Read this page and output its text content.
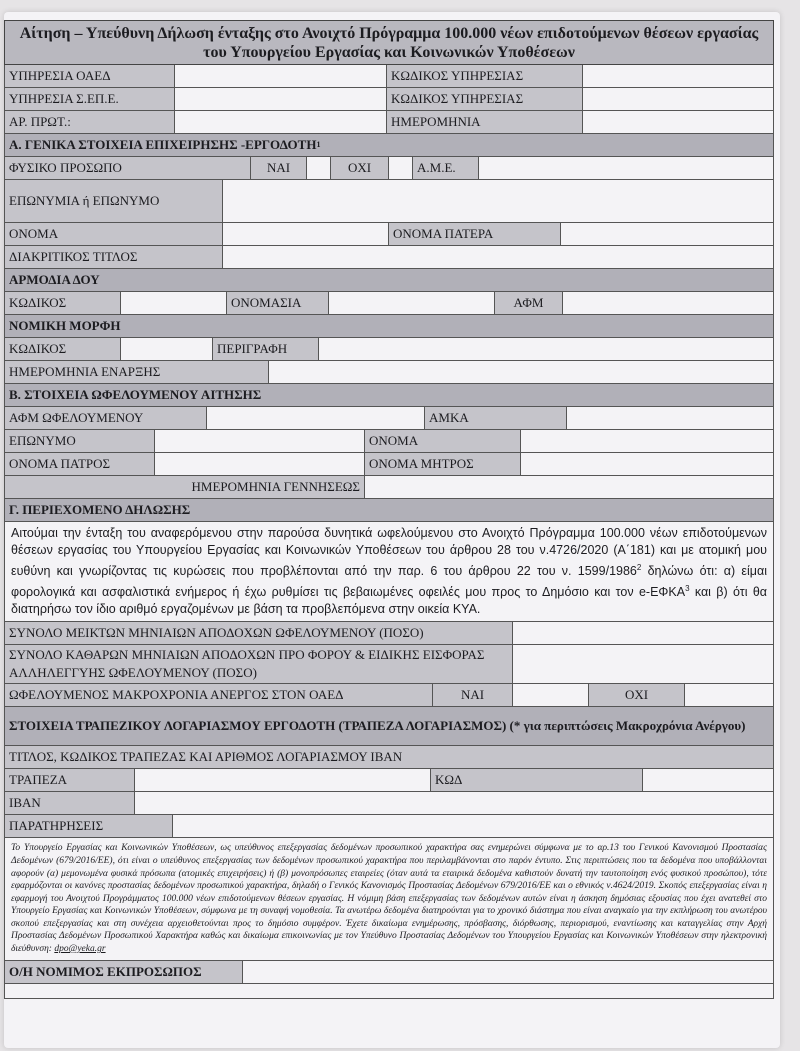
Αίτηση – Υπεύθυνη Δήλωση ένταξης στο Ανοιχτό Πρόγραμμα 100.000 νέων επιδοτούμενων θέσεων εργασίας του Υπουργείου Εργασίας και Κοινωνικών Υποθέσεων
ΥΠΗΡΕΣΙΑ ΟΑΕΔ	ΚΩΔΙΚΟΣ ΥΠΗΡΕΣΙΑΣ
ΥΠΗΡΕΣΙΑ Σ.ΕΠ.Ε.	ΚΩΔΙΚΟΣ ΥΠΗΡΕΣΙΑΣ
ΑΡ. ΠΡΩΤ.:	ΗΜΕΡΟΜΗΝΙΑ
Α. ΓΕΝΙΚΑ ΣΤΟΙΧΕΙΑ ΕΠΙΧΕΙΡΗΣΗΣ -ΕΡΓΟΔΟΤΗ 1
ΦΥΣΙΚΟ ΠΡΟΣΩΠΟ	ΝΑΙ	ΟΧΙ	Α.Μ.Ε.
ΕΠΩΝΥΜΙΑ ή ΕΠΩΝΥΜΟ
ΟΝΟΜΑ	ΟΝΟΜΑ ΠΑΤΕΡΑ
ΔΙΑΚΡΙΤΙΚΟΣ ΤΙΤΛΟΣ
ΑΡΜΟΔΙΑ ΔΟΥ
ΚΩΔΙΚΟΣ	ΟΝΟΜΑΣΙΑ	ΑΦΜ
ΝΟΜΙΚΗ ΜΟΡΦΗ
ΚΩΔΙΚΟΣ	ΠΕΡΙΓΡΑΦΗ
ΗΜΕΡΟΜΗΝΙΑ ΕΝΑΡΞΗΣ
Β. ΣΤΟΙΧΕΙΑ ΩΦΕΛΟΥΜΕΝΟΥ ΑΙΤΗΣΗΣ
ΑΦΜ ΩΦΕΛΟΥΜΕΝΟΥ	ΑΜΚΑ
ΕΠΩΝΥΜΟ	ΟΝΟΜΑ
ΟΝΟΜΑ ΠΑΤΡΟΣ	ΟΝΟΜΑ ΜΗΤΡΟΣ
ΗΜΕΡΟΜΗΝΙΑ ΓΕΝΝΗΣΕΩΣ
Γ. ΠΕΡΙΕΧΟΜΕΝΟ ΔΗΛΩΣΗΣ
Αιτούμαι την ένταξη του αναφερόμενου στην παρούσα δυνητικά ωφελούμενου στο Ανοιχτό Πρόγραμμα 100.000 νέων επιδοτούμενων θέσεων εργασίας του Υπουργείου Εργασίας και Κοινωνικών Υποθέσεων του άρθρου 28 του ν.4726/2020 (Α΄181) και με ατομική μου ευθύνη και γνωρίζοντας τις κυρώσεις που προβλέπονται από την παρ. 6 του άρθρου 22 του ν. 1599/1986$^2$ δηλώνω ότι: α) είμαι φορολογικά και ασφαλιστικά ενήμερος ή έχω ρυθμίσει τις βεβαιωμένες οφειλές μου προς το Δημόσιο και τον e-ΕΦΚΑ$^3$ και β) ότι θα διατηρήσω τον ίδιο αριθμό εργαζομένων με βάση τα προβλεπόμενα στην οικεία ΚΥΑ.
ΣΥΝΟΛΟ ΜΕΙΚΤΩΝ ΜΗΝΙΑΙΩΝ ΑΠΟΔΟΧΩΝ ΩΦΕΛΟΥΜΕΝΟΥ (ΠΟΣΟ)
ΣΥΝΟΛΟ ΚΑΘΑΡΩΝ ΜΗΝΙΑΙΩΝ ΑΠΟΔΟΧΩΝ ΠΡΟ ΦΟΡΟΥ & ΕΙΔΙΚΗΣ ΕΙΣΦΟΡΑΣ ΑΛΛΗΛΕΓΓΥΗΣ ΩΦΕΛΟΥΜΕΝΟΥ (ΠΟΣΟ)
ΩΦΕΛΟΥΜΕΝΟΣ ΜΑΚΡΟΧΡΟΝΙΑ ΑΝΕΡΓΟΣ ΣΤΟΝ ΟΑΕΔ	ΝΑΙ	ΟΧΙ
ΣΤΟΙΧΕΙΑ ΤΡΑΠΕΖΙΚΟΥ ΛΟΓΑΡΙΑΣΜΟΥ ΕΡΓΟΔΟΤΗ (ΤΡΑΠΕΖΑ ΛΟΓΑΡΙΑΣΜΟΣ) (* για περιπτώσεις Μακροχρόνια Ανέργου)
ΤΙΤΛΟΣ, ΚΩΔΙΚΟΣ ΤΡΑΠΕΖΑΣ ΚΑΙ ΑΡΙΘΜΟΣ ΛΟΓΑΡΙΑΣΜΟΥ ΙΒΑΝ
ΤΡΑΠΕΖΑ	ΚΩΔ
IBAN
ΠΑΡΑΤΗΡΗΣΕΙΣ
Το Υπουργείο Εργασίας και Κοινωνικών Υποθέσεων, ως υπεύθυνος επεξεργασίας δεδομένων προσωπικού χαρακτήρα σας ενημερώνει σύμφωνα με το αρ.13 του Γενικού Κανονισμού Προστασίας Δεδομένων (679/2016/ΕΕ), ότι είναι ο υπεύθυνος επεξεργασίας των δεδομένων προσωπικού χαρακτήρα που περιλαμβάνονται στο παρόν έντυπο. Στις περιπτώσεις που τα δεδομένα που υποβάλλονται αφορούν (α) μεμονωμένα φυσικά πρόσωπα (ατομικές επιχειρήσεις) ή (β) μονοπρόσωπες εταιρείες (όταν αυτά τα εταιρικά δεδομένα καθιστούν δυνατή την ταυτοποίηση ενός φυσικού προσώπου), τότε εφαρμόζονται οι κανόνες προστασίας δεδομένων προσωπικού χαρακτήρα, δηλαδή ο Γενικός Κανονισμός Προστασίας Δεδομένων 679/2016/ΕΕ και ο εθνικός ν.4624/2019. Σκοπός επεξεργασίας είναι η εφαρμογή του Ανοιχτού Προγράμματος 100.000 νέων επιδοτούμενων θέσεων εργασίας. Η νόμιμη βάση επεξεργασίας των δεδομένων αυτών είναι η άσκηση δημόσιας εξουσίας που έχει ανατεθεί στο Υπουργείο Εργασίας και Κοινωνικών Υποθέσεων, σύμφωνα με τη συναφή νομοθεσία. Τα ανωτέρω δεδομένα διατηρούνται για το χρονικό διάστημα που είναι αναγκαίο για την εκπλήρωση του ανωτέρου σκοπού επεξεργασίας και στη συνέχεια αρχειοθετούνται προς το δημόσιο συμφέρον. Έχετε δικαίωμα ενημέρωσης, πρόσβασης, διόρθωσης, περιορισμού, εναντίωσης και καταγγελίας στην Αρχή Προστασίας Δεδομένων Προσωπικού Χαρακτήρα καθώς και δικαίωμα επικοινωνίας με τον Υπεύθυνο Προστασίας Δεδομένων του Υπουργείου Εργασίας και Κοινωνικών Υποθέσεων στην ηλεκτρονική διεύθυνση: dpo@yeka.gr
Ο/Η ΝΟΜΙΜΟΣ ΕΚΠΡΟΣΩΠΟΣ
